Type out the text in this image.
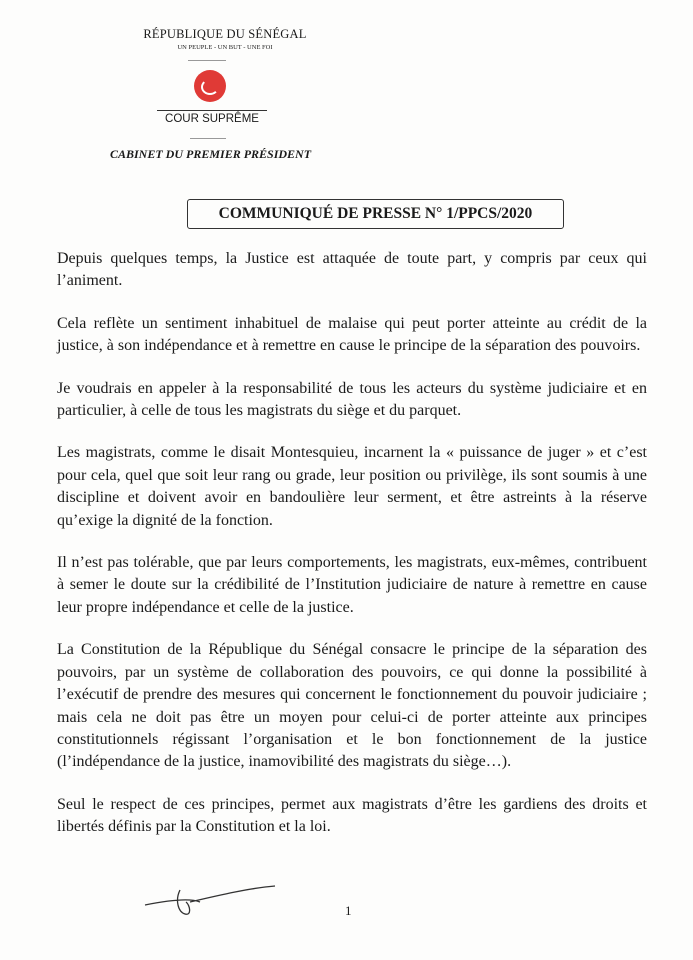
RÉPUBLIQUE DU SÉNÉGAL
UN PEUPLE - UN BUT - UNE FOI
COUR SUPRÊME
CABINET DU PREMIER PRÉSIDENT
COMMUNIQUÉ DE PRESSE N° 1/PPCS/2020

Depuis quelques temps, la Justice est attaquée de toute part, y compris par ceux qui l’animent.

Cela reflète un sentiment inhabituel de malaise qui peut porter atteinte au crédit de la justice, à son indépendance et à remettre en cause le principe de la séparation des pouvoirs.

Je voudrais en appeler à la responsabilité de tous les acteurs du système judiciaire et en particulier, à celle de tous les magistrats du siège et du parquet.

Les magistrats, comme le disait Montesquieu, incarnent la « puissance de juger » et c’est pour cela, quel que soit leur rang ou grade, leur position ou privilège, ils sont soumis à une discipline et doivent avoir en bandoulière leur serment, et être astreints à la réserve qu’exige la dignité de la fonction.

Il n’est pas tolérable, que par leurs comportements, les magistrats, eux-mêmes, contribuent à semer le doute sur la crédibilité de l’Institution judiciaire de nature à remettre en cause leur propre indépendance et celle de la justice.

La Constitution de la République du Sénégal consacre le principe de la séparation des pouvoirs, par un système de collaboration des pouvoirs, ce qui donne la possibilité à l’exécutif de prendre des mesures qui concernent le fonctionnement du pouvoir judiciaire ; mais cela ne doit pas être un moyen pour celui-ci de porter atteinte aux principes constitutionnels régissant l’organisation et le bon fonctionnement de la justice (l’indépendance de la justice, inamovibilité des magistrats du siège…).

Seul le respect de ces principes, permet aux magistrats d’être les gardiens des droits et libertés définis par la Constitution et la loi.

1
